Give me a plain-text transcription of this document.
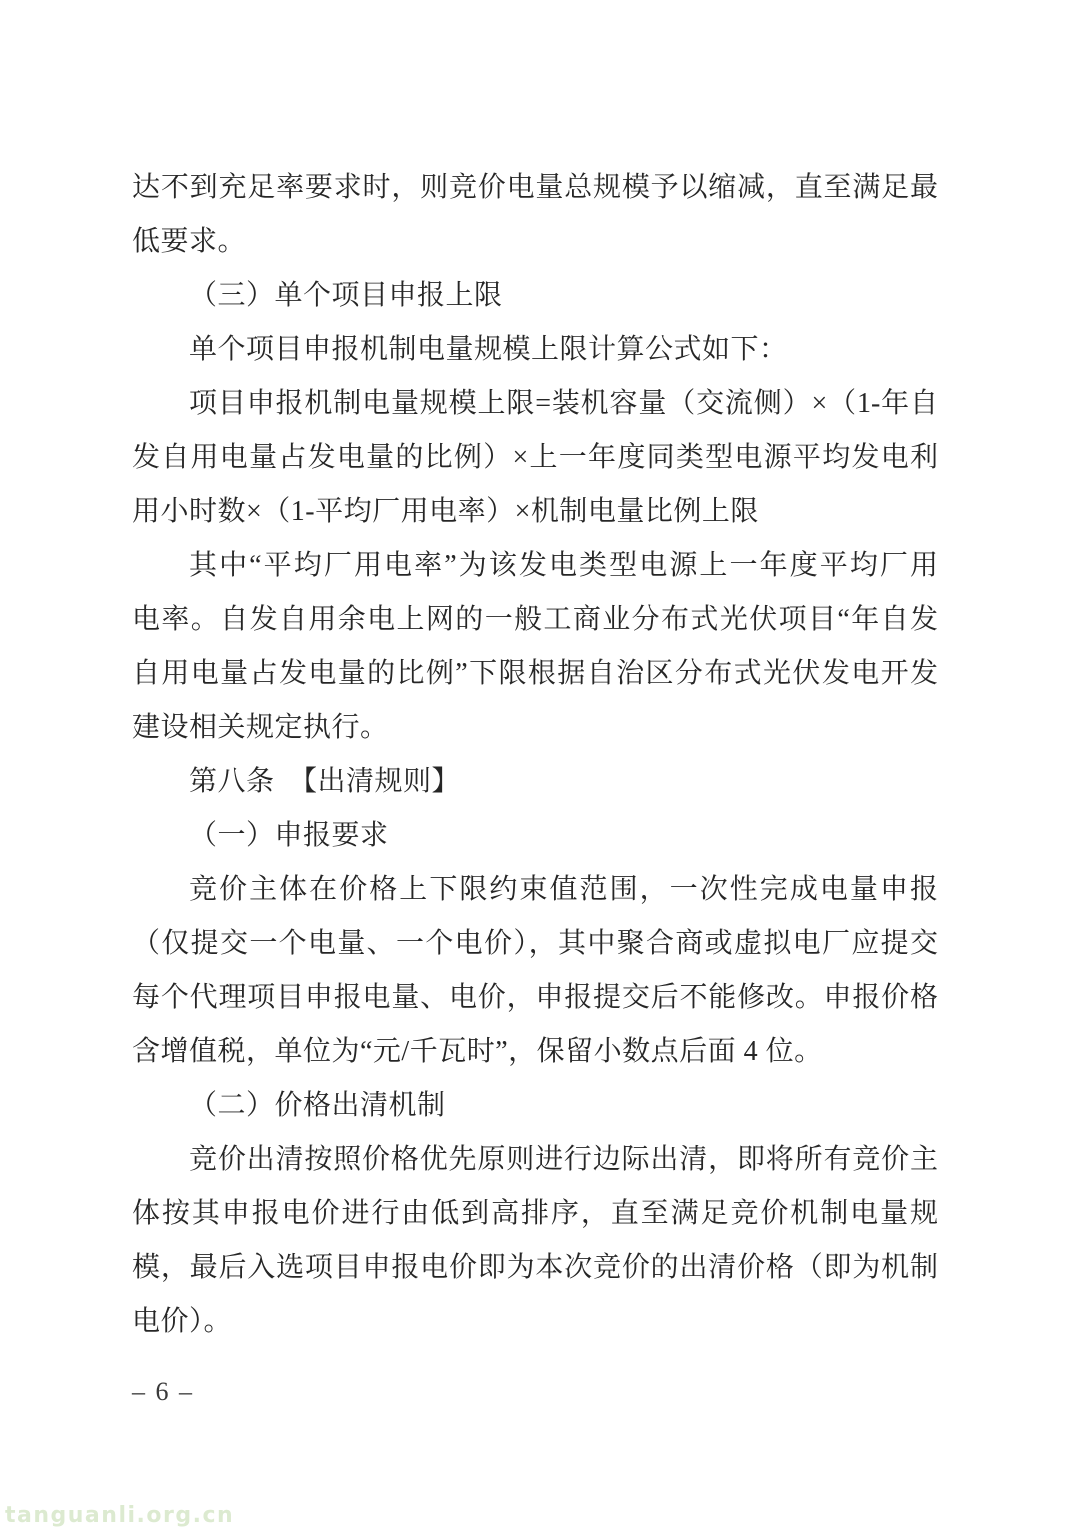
达不到充足率要求时，则竞价电量总规模予以缩减，直至满足最
低要求。
（三）单个项目申报上限
单个项目申报机制电量规模上限计算公式如下：
项目申报机制电量规模上限=装机容量（交流侧）×（1-年自
发自用电量占发电量的比例）×上一年度同类型电源平均发电利
用小时数×（1-平均厂用电率）×机制电量比例上限
其中“平均厂用电率”为该发电类型电源上一年度平均厂用
电率。自发自用余电上网的一般工商业分布式光伏项目“年自发
自用电量占发电量的比例”下限根据自治区分布式光伏发电开发
建设相关规定执行。
第八条　【出清规则】
（一）申报要求
竞价主体在价格上下限约束值范围，一次性完成电量申报
（仅提交一个电量、一个电价），其中聚合商或虚拟电厂应提交
每个代理项目申报电量、电价，申报提交后不能修改。申报价格
含增值税，单位为“元/千瓦时”，保留小数点后面 4 位。
（二）价格出清机制
竞价出清按照价格优先原则进行边际出清，即将所有竞价主
体按其申报电价进行由低到高排序，直至满足竞价机制电量规
模，最后入选项目申报电价即为本次竞价的出清价格（即为机制
电价）。
– 6 –
tanguanli.org.cn
